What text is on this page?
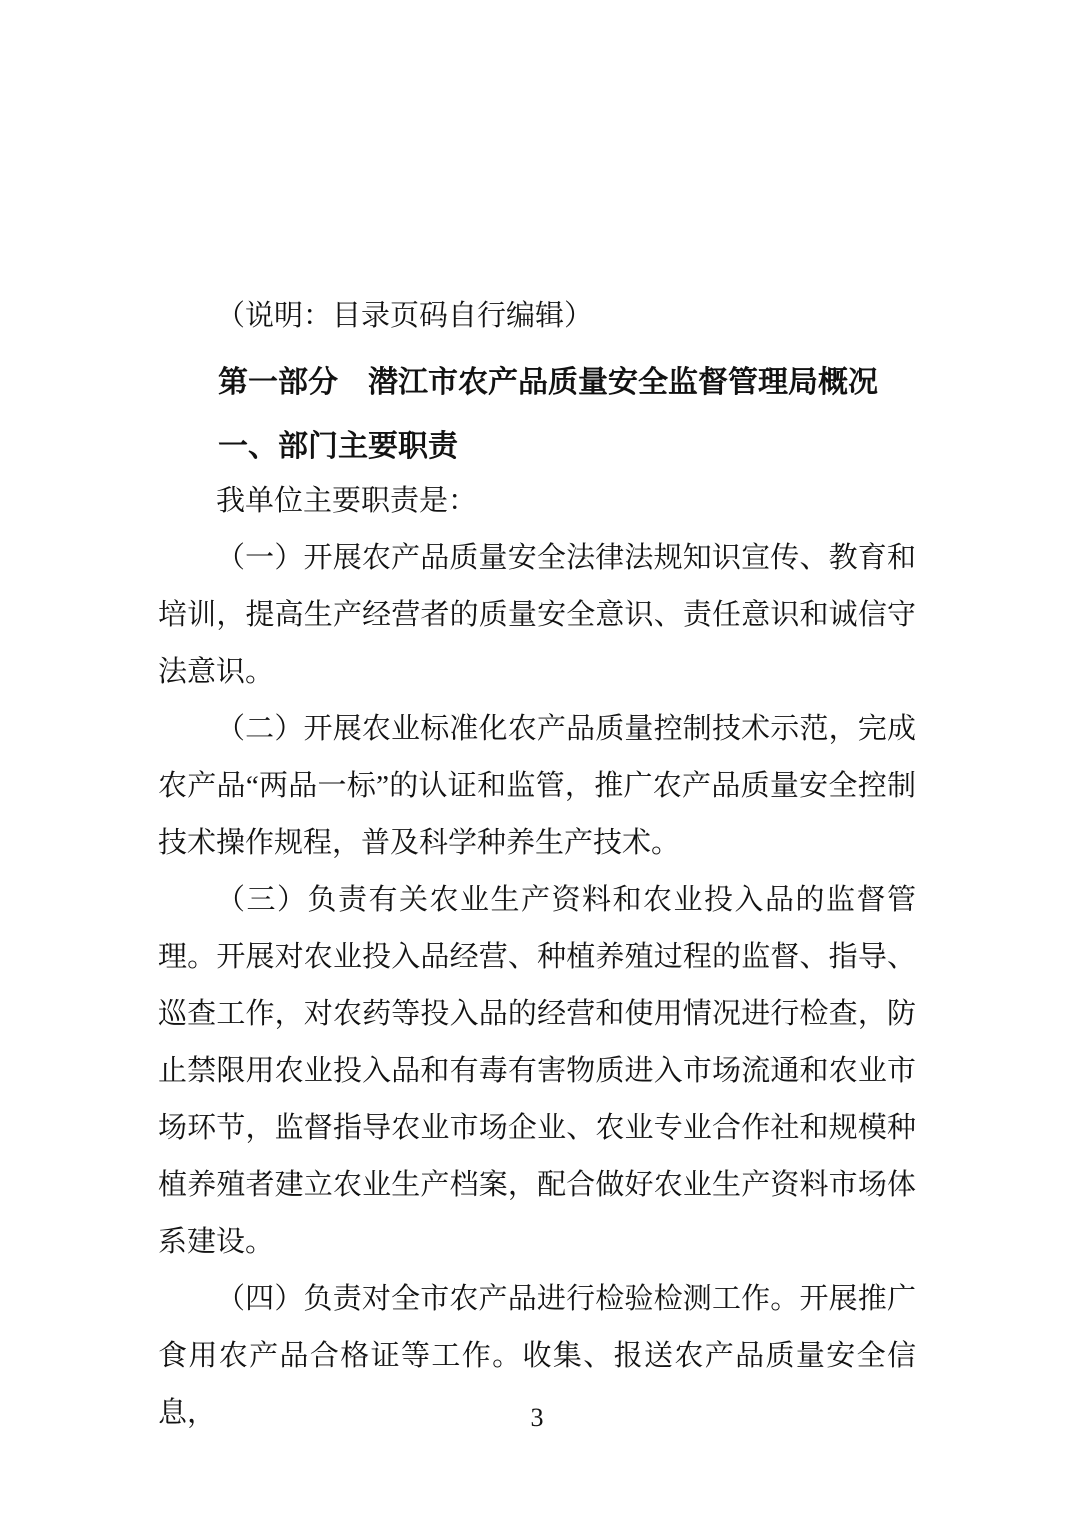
（说明：目录页码自行编辑）

第一部分　潜江市农产品质量安全监督管理局概况
一、部门主要职责

我单位主要职责是：

（一）开展农产品质量安全法律法规知识宣传、教育和培训，提高生产经营者的质量安全意识、责任意识和诚信守法意识。

（二）开展农业标准化农产品质量控制技术示范，完成农产品“两品一标”的认证和监管，推广农产品质量安全控制技术操作规程，普及科学种养生产技术。

（三）负责有关农业生产资料和农业投入品的监督管理。开展对农业投入品经营、种植养殖过程的监督、指导、巡查工作，对农药等投入品的经营和使用情况进行检查，防止禁限用农业投入品和有毒有害物质进入市场流通和农业市场环节，监督指导农业市场企业、农业专业合作社和规模种植养殖者建立农业生产档案，配合做好农业生产资料市场体系建设。

（四）负责对全市农产品进行检验检测工作。开展推广食用农产品合格证等工作。收集、报送农产品质量安全信息，	3
